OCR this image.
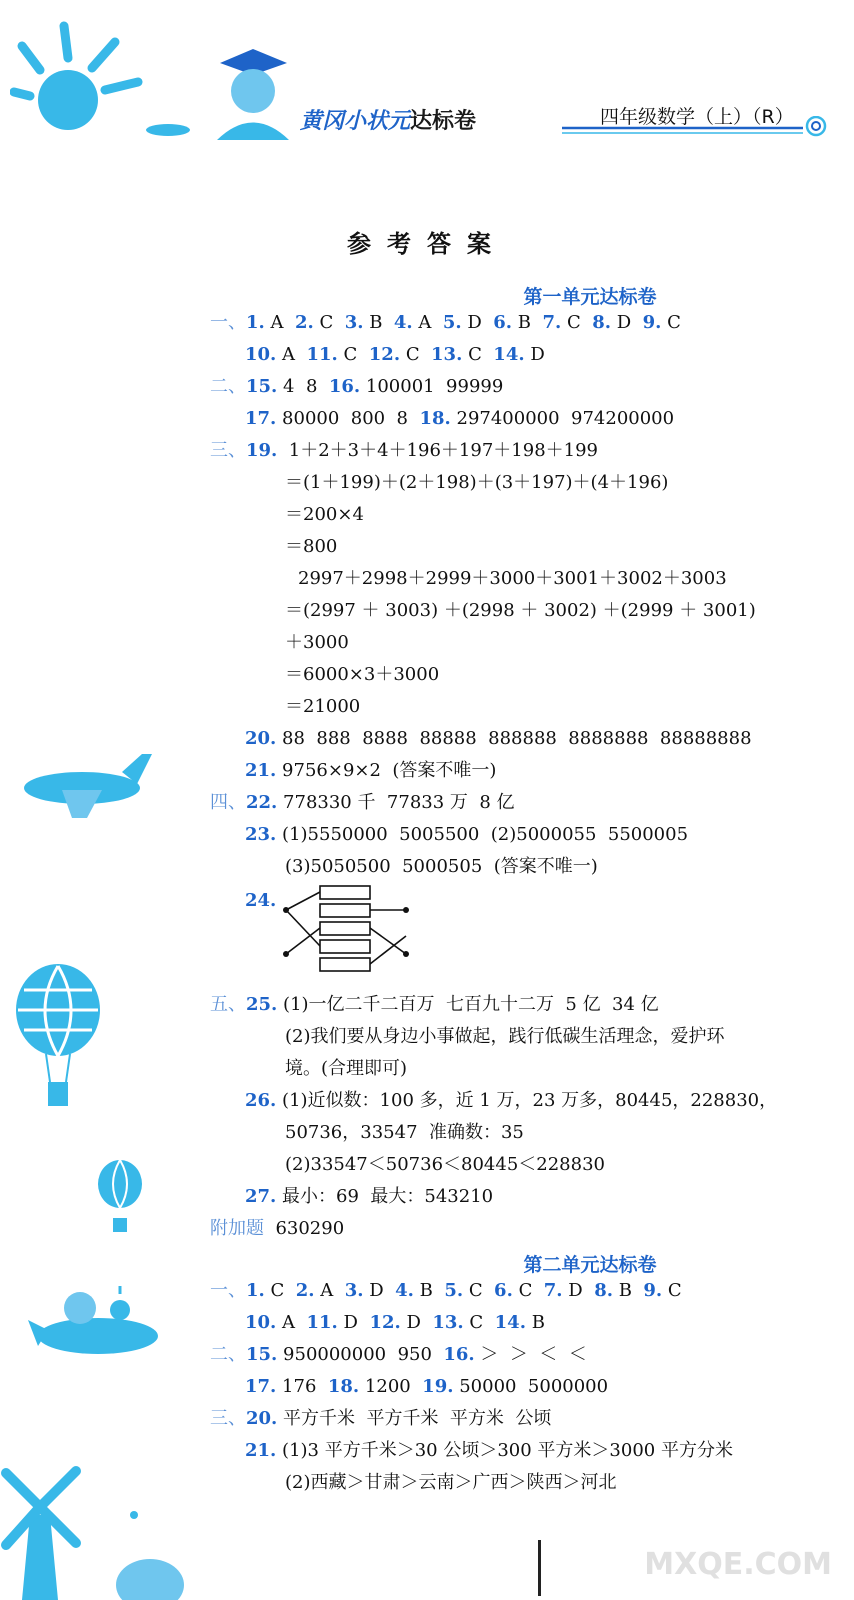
黄冈小状元达标卷	四年级数学（上）（R）
参考答案
第一单元达标卷
一、1. A  2. C  3. B  4. A  5. D  6. B  7. C  8. D  9. C
10. A  11. C  12. C  13. C  14. D
二、15. 4  8  16. 100001  99999
17. 80000  800  8  18. 297400000  974200000
三、19.  1＋2＋3＋4＋196＋197＋198＋199
＝(1＋199)＋(2＋198)＋(3＋197)＋(4＋196)
＝200×4
＝800
2997＋2998＋2999＋3000＋3001＋3002＋3003
＝(2997 ＋ 3003) ＋(2998 ＋ 3002) ＋(2999 ＋ 3001)
＋3000
＝6000×3＋3000
＝21000
20. 88  888  8888  88888  888888  8888888  88888888
21. 9756×9×2  (答案不唯一)
四、22. 778330 千  77833 万  8 亿
23. (1)5550000  5005500  (2)5000055  5500005
(3)5050500  5000505  (答案不唯一)
24.
五、25. (1)一亿二千二百万  七百九十二万  5 亿  34 亿
(2)我们要从身边小事做起，践行低碳生活理念，爱护环
境。(合理即可)
26. (1)近似数：100 多，近 1 万，23 万多，80445，228830，
50736，33547  准确数：35
(2)33547＜50736＜80445＜228830
27. 最小：69  最大：543210
附加题  630290
第二单元达标卷
一、1. C  2. A  3. D  4. B  5. C  6. C  7. D  8. B  9. C
10. A  11. D  12. D  13. C  14. B
二、15. 950000000  950  16. ＞  ＞  ＜  ＜
17. 176  18. 1200  19. 50000  5000000
三、20. 平方千米  平方千米  平方米  公顷
21. (1)3 平方千米＞30 公顷＞300 平方米＞3000 平方分米
(2)西藏＞甘肃＞云南＞广西＞陕西＞河北
MXQE.COM
